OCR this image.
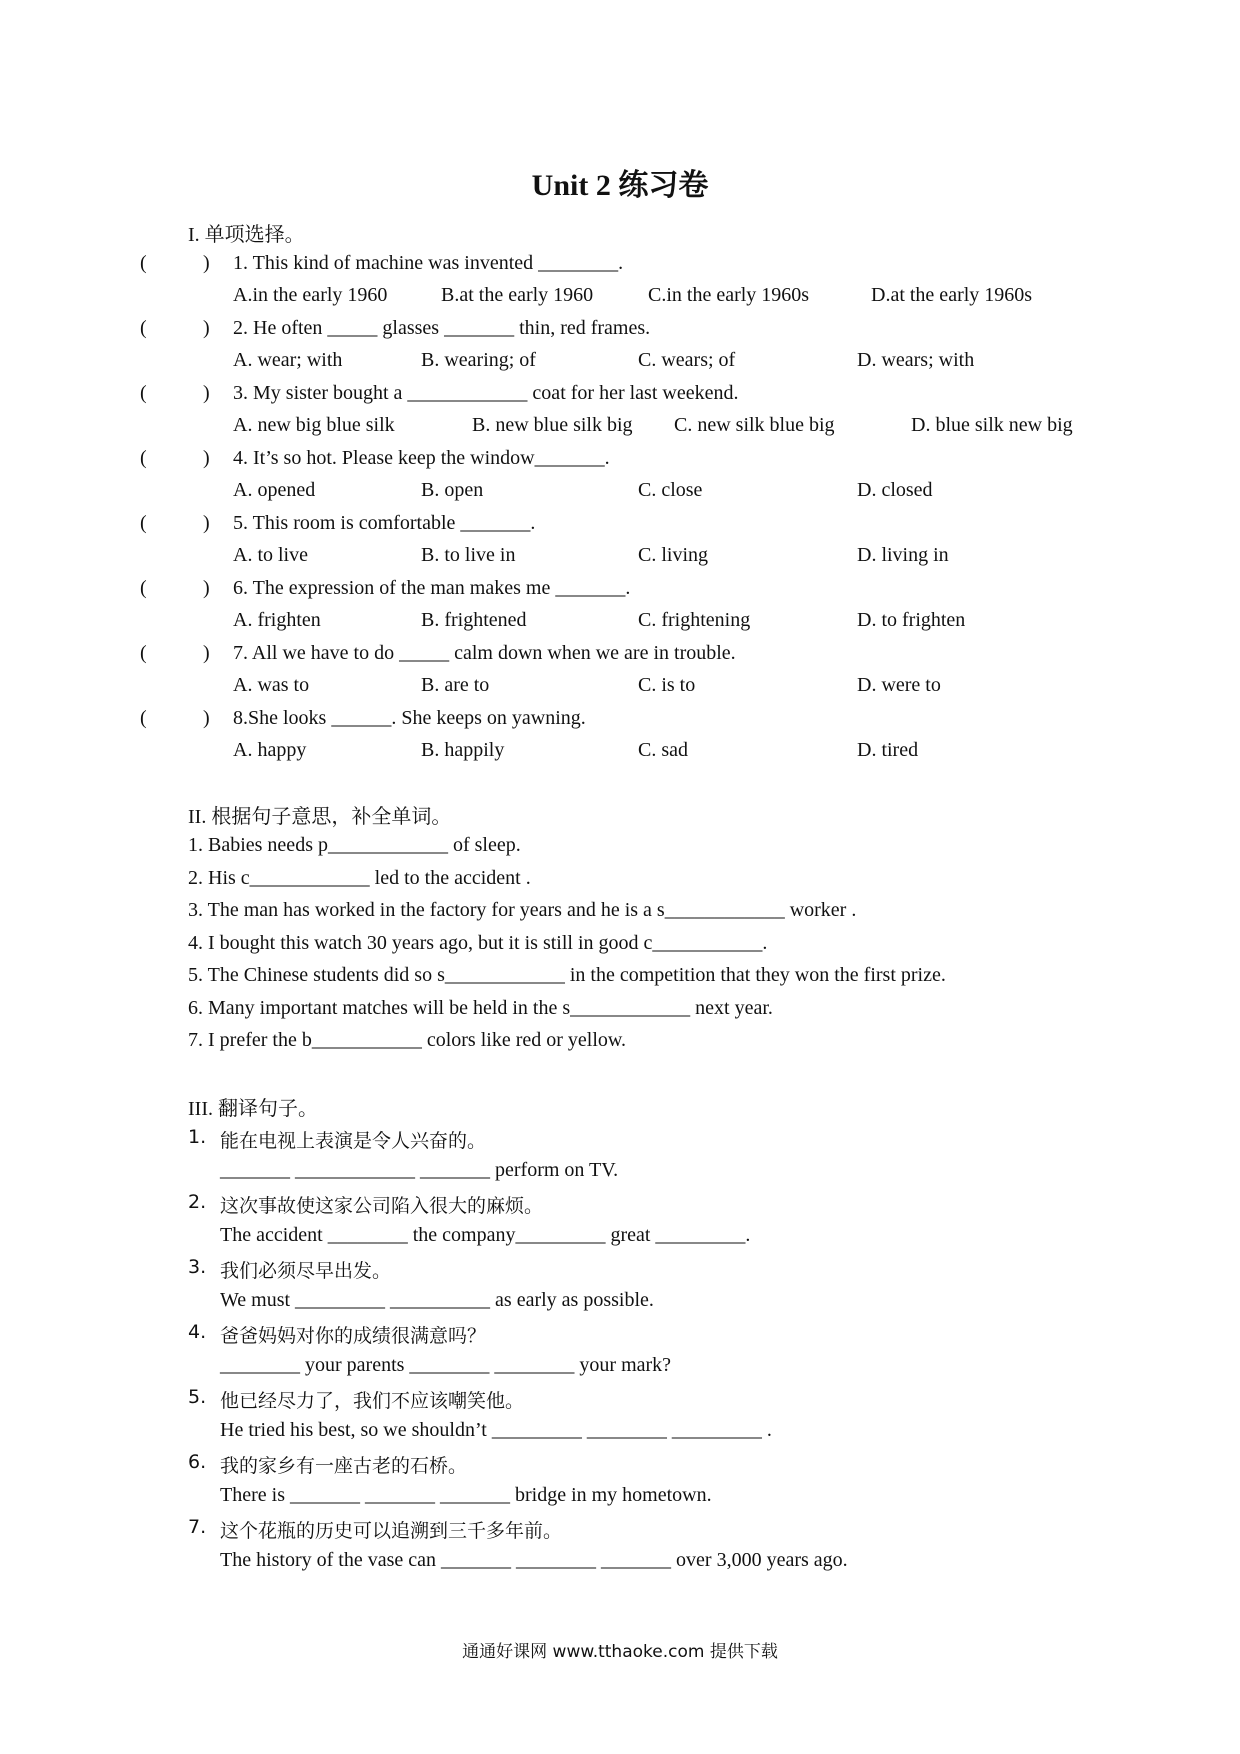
Unit 2 练习卷
I. 单项选择。
(	) 1. This kind of machine was invented ________.
A.in the early 1960	B.at the early 1960	C.in the early 1960s	D.at the early 1960s
(	) 2. He often _____ glasses _______ thin, red frames.
A. wear; with	B. wearing; of	C. wears; of	D. wears; with
(	) 3. My sister bought a ____________ coat for her last weekend.
A. new big blue silk	B. new blue silk big C. new silk blue big	D. blue silk new big
(	) 4. It’s so hot. Please keep the window_______.
A. opened	B. open	C. close	D. closed
(	) 5. This room is comfortable _______.
A. to live	B. to live in	C. living	D. living in
(	) 6. The expression of the man makes me _______.
A. frighten	B. frightened	C. frightening	D. to frighten
(	) 7. All we have to do _____ calm down when we are in trouble.
A. was to	B. are to	C. is to	D. were to
(	) 8.She looks ______. She keeps on yawning.
A. happy	B. happily	C. sad	D. tired
II. 根据句子意思，补全单词。
1. Babies needs p____________ of sleep.
2. His c____________ led to the accident .
3. The man has worked in the factory for years and he is a s____________ worker .
4. I bought this watch 30 years ago, but it is still in good c___________.
5. The Chinese students did so s____________ in the competition that they won the first prize.
6. Many important matches will be held in the s____________ next year.
7. I prefer the b___________ colors like red or yellow.
III. 翻译句子。
1. 能在电视上表演是令人兴奋的。
_______ ____________ _______ perform on TV.
2. 这次事故使这家公司陷入很大的麻烦。
The accident ________ the company_________ great _________.
3. 我们必须尽早出发。
We must _________ __________ as early as possible.
4. 爸爸妈妈对你的成绩很满意吗？
________ your parents ________ ________ your mark?
5. 他已经尽力了，我们不应该嘲笑他。
He tried his best, so we shouldn’t _________ ________ _________ .
6. 我的家乡有一座古老的石桥。
There is _______ _______ _______ bridge in my hometown.
7. 这个花瓶的历史可以追溯到三千多年前。
The history of the vase can _______ ________ _______ over 3,000 years ago.
通通好课网 www.tthaoke.com 提供下载
